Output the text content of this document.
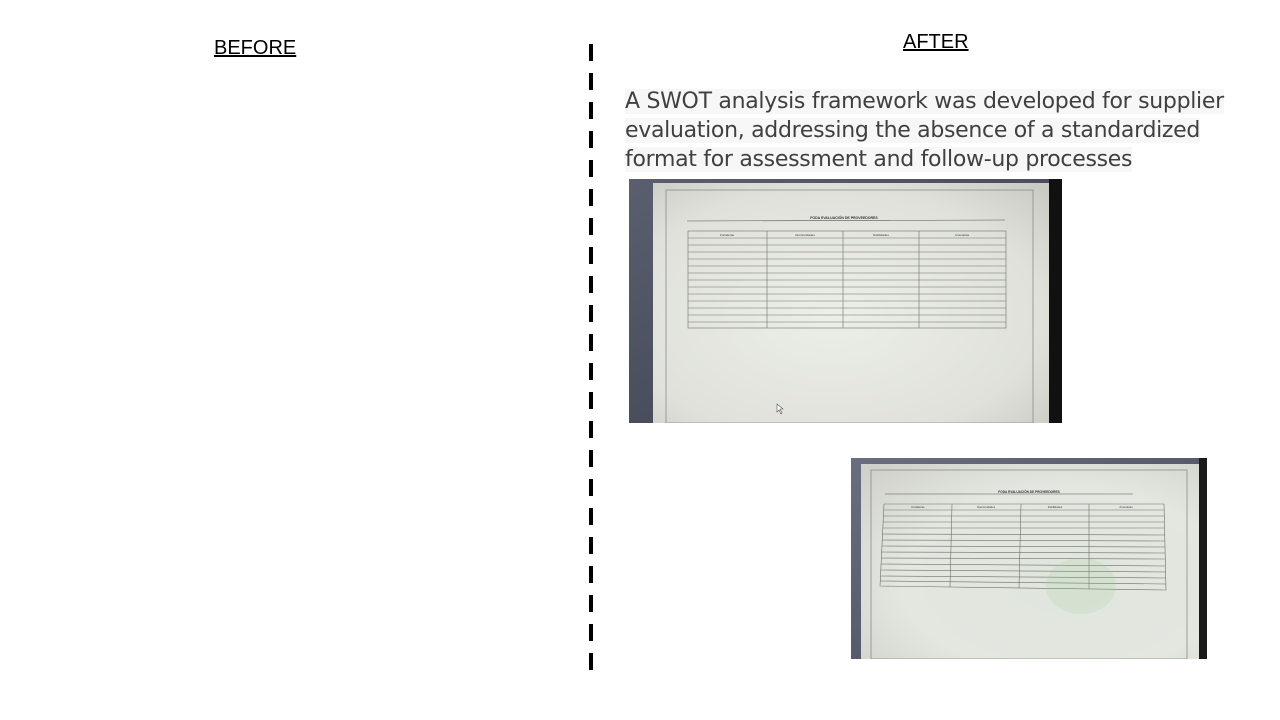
BEFORE	AFTER

A SWOT analysis framework was developed for supplier evaluation, addressing the absence of a standardized format for assessment and follow-up processes

FODA EVALUACIÓN DE PROVEEDORES
Fortalezas	Oportunidades	Debilidades	Amenazas
FODA EVALUACIÓN DE PROVEEDORES
Fortalezas	Oportunidades	Debilidades	Amenazas
